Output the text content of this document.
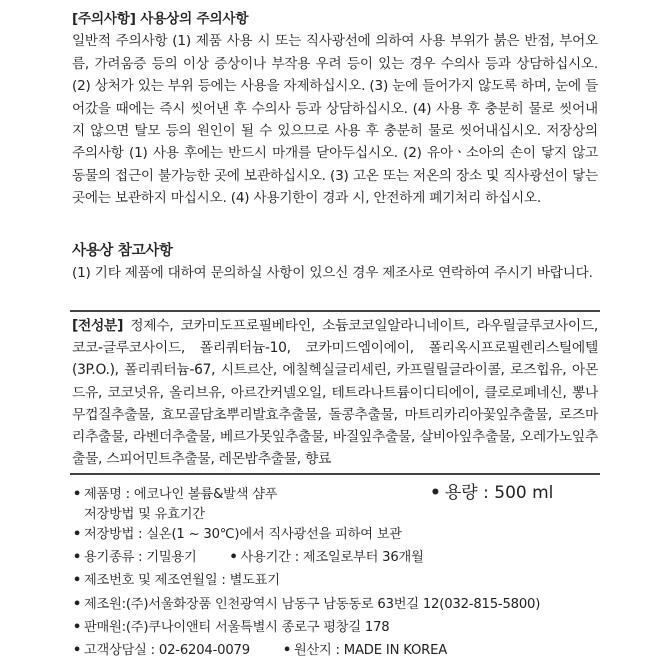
[주의사항] 사용상의 주의사항
일반적 주의사항 (1) 제품 사용 시 또는 직사광선에 의하여 사용 부위가 붉은 반점, 부어오름, 가려움증 등의 이상 증상이나 부작용 우려 등이 있는 경우 수의사 등과 상담하십시오. (2) 상처가 있는 부위 등에는 사용을 자제하십시오. (3) 눈에 들어가지 않도록 하며, 눈에 들어갔을 때에는 즉시 씻어낸 후 수의사 등과 상담하십시오. (4) 사용 후 충분히 물로 씻어내지 않으면 탈모 등의 원인이 될 수 있으므로 사용 후 충분히 물로 씻어내십시오. 저장상의 주의사항 (1) 사용 후에는 반드시 마개를 닫아두십시오. (2) 유아ㆍ소아의 손이 닿지 않고 동물의 접근이 불가능한 곳에 보관하십시오. (3) 고온 또는 저온의 장소 및 직사광선이 닿는 곳에는 보관하지 마십시오. (4) 사용기한이 경과 시, 안전하게 폐기처리 하십시오.
사용상 참고사항
(1) 기타 제품에 대하여 문의하실 사항이 있으신 경우 제조사로 연락하여 주시기 바랍니다.
[전성분] 정제수, 코카미도프로필베타인, 소듐코코일알라니네이트, 라우릴글루코사이드, 코코-글루코사이드, 폴리쿼터늄-10, 코카미드엠이에이, 폴리옥시프로필렌리스틸에텔(3P.O.), 폴리쿼터늄-67, 시트르산, 에칠헥실글리세린, 카프릴릴글라이콜, 로즈힙유, 아몬드유, 코코넛유, 올리브유, 아르간커넬오일, 테트라나트륨이디티에이, 클로로페네신, 뽕나무껍질추출물, 효모골담초뿌리발효추출물, 돌콩추출물, 마트리카리아꽃잎추출물, 로즈마리추출물, 라벤더추출물, 베르가못잎추출물, 바질잎추출물, 살비아잎추출물, 오레가노잎추출물, 스피어민트추출물, 레몬밤추출물, 향료
• 제품명 : 에코나인 볼륨&발색 샴푸	• 용량 : 500 ml
저장방법 및 유효기간
• 저장방법 : 실온(1 ~ 30℃)에서 직사광선을 피하여 보관
• 용기종류 : 기밀용기 • 사용기간 : 제조일로부터 36개월
• 제조번호 및 제조연월일 : 별도표기
• 제조원:(주)서울화장품 인천광역시 남동구 남동동로 63번길 12(032-815-5800)
• 판매원:(주)쿠나이앤티 서울특별시 종로구 평창길 178
• 고객상담실 : 02-6204-0079 • 원산지 : MADE IN KOREA
